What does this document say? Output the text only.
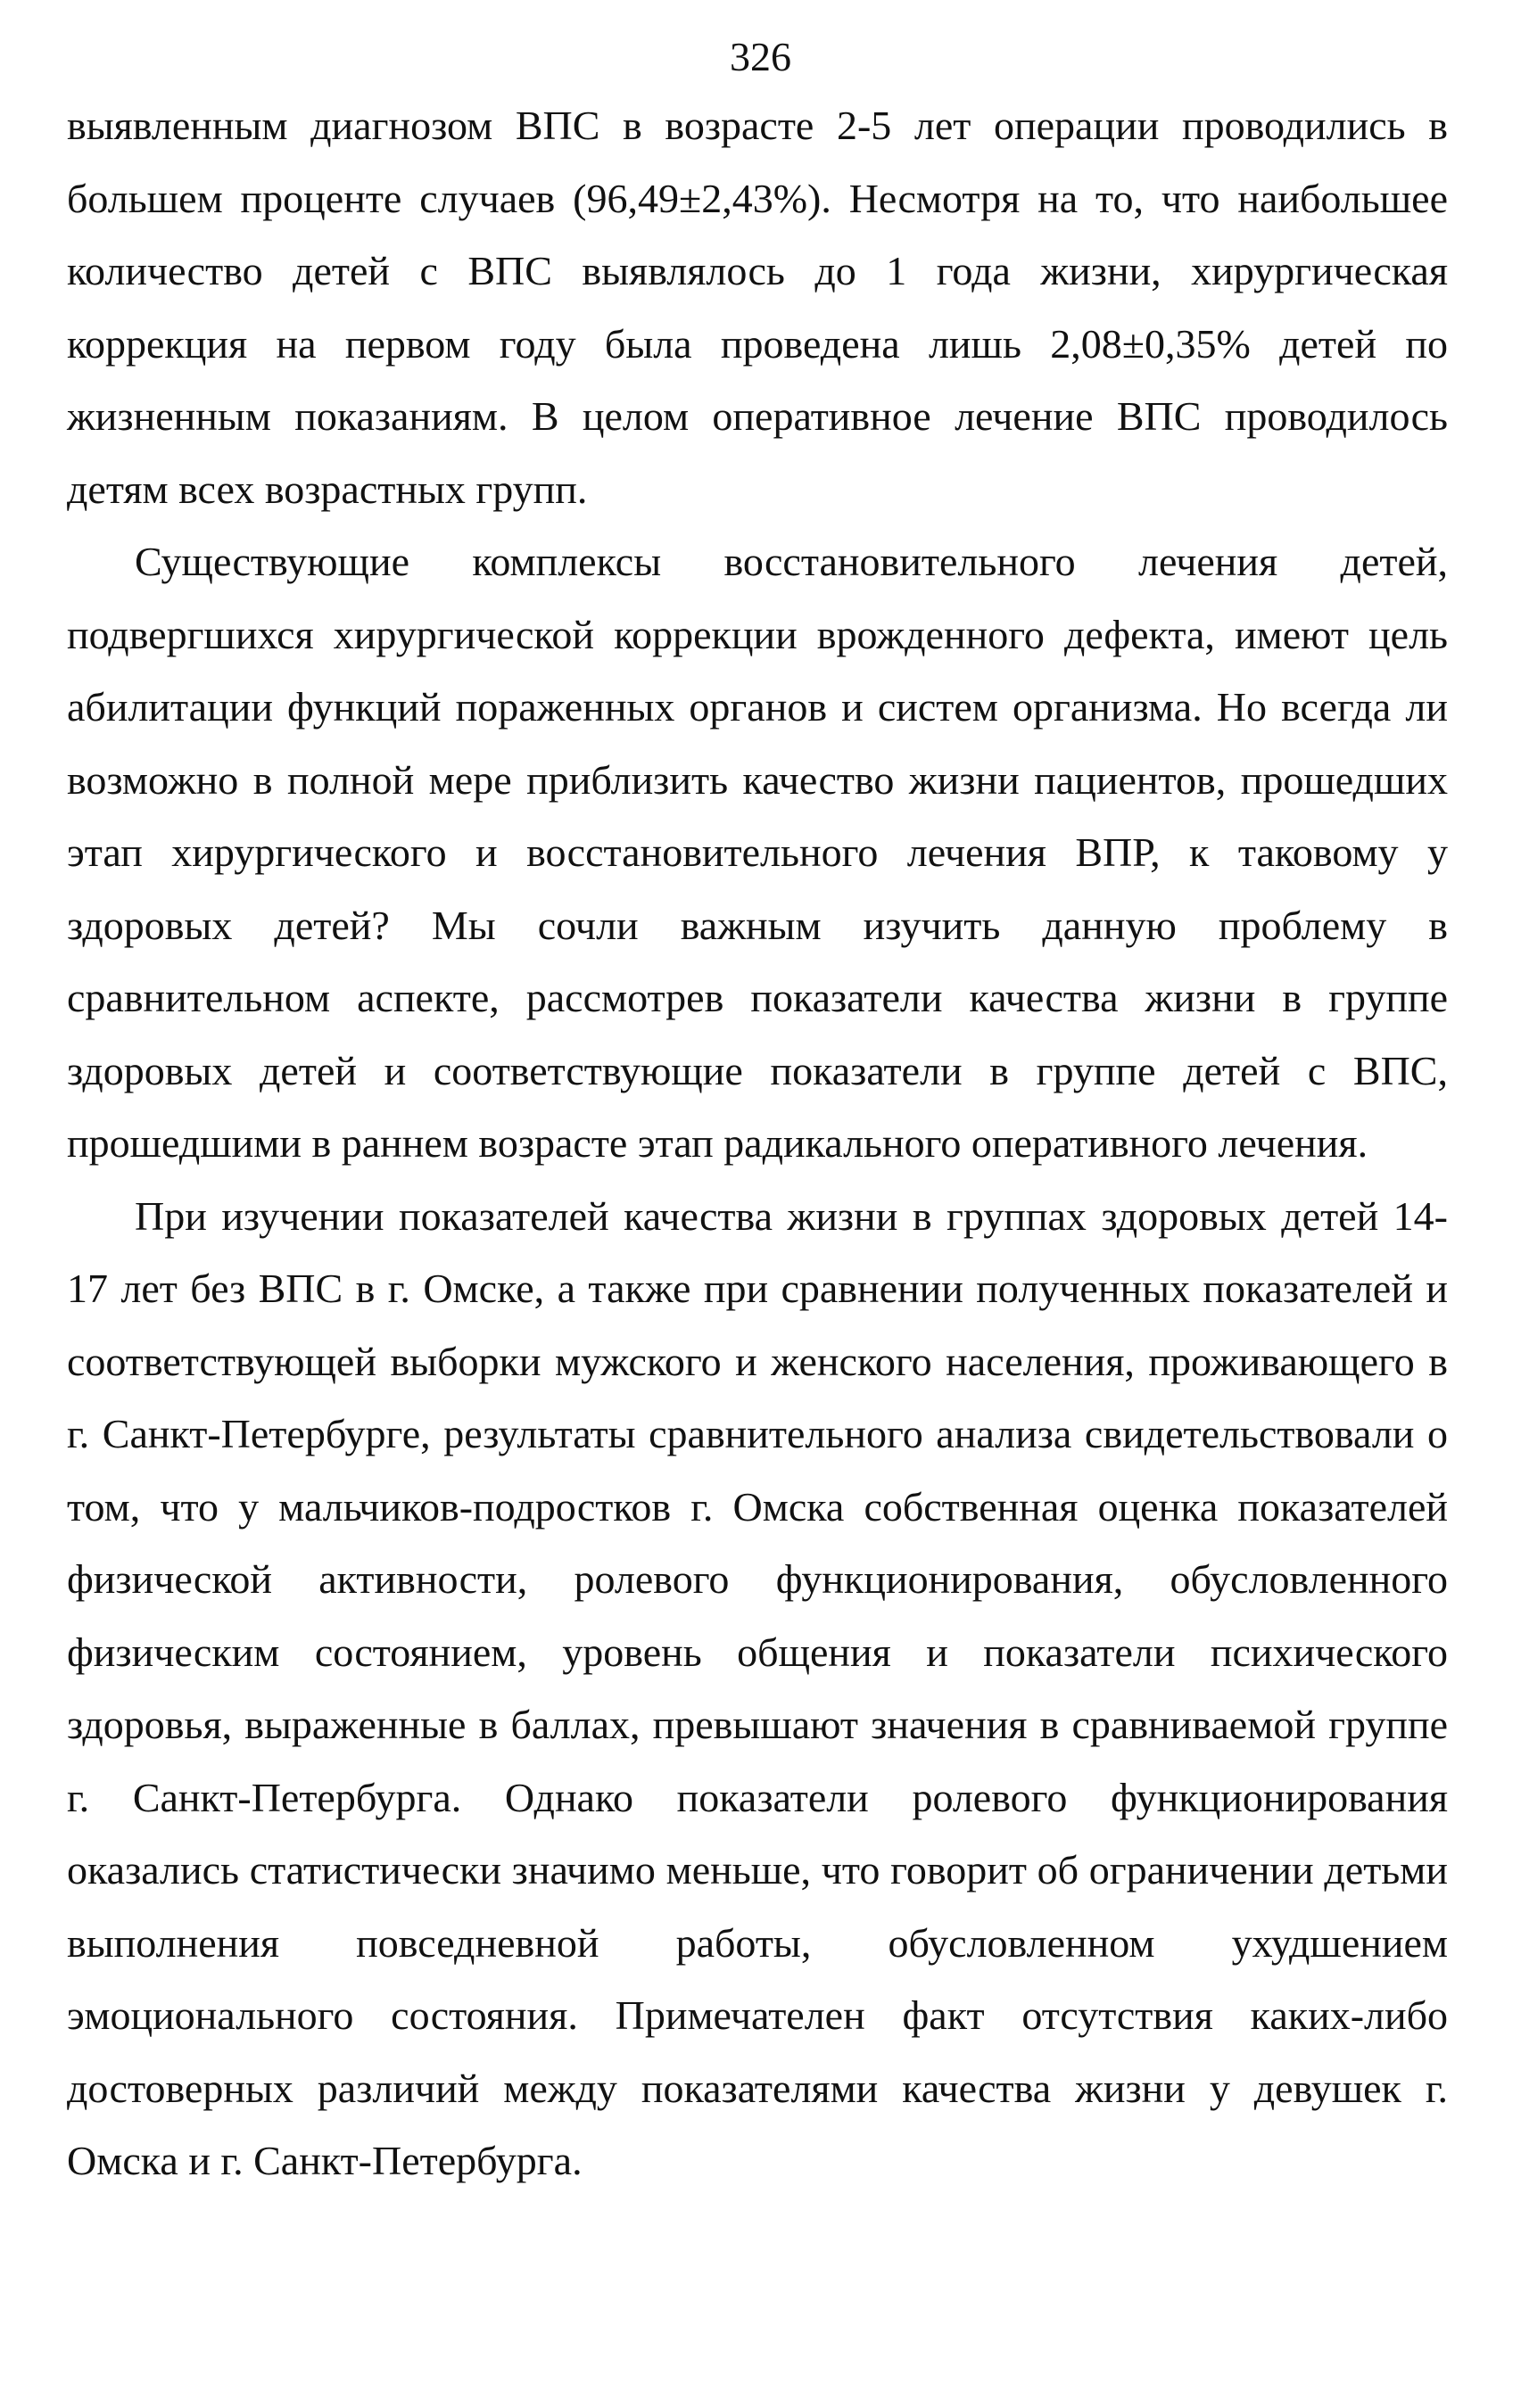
326

выявленным диагнозом ВПС в возрасте 2-5 лет операции проводились в большем проценте случаев (96,49±2,43%). Несмотря на то, что наибольшее количество детей с ВПС выявлялось до 1 года жизни, хирургическая коррекция на первом году была проведена лишь 2,08±0,35% детей по жизненным показаниям. В целом оперативное лечение ВПС проводилось детям всех возрастных групп.

Существующие комплексы восстановительного лечения детей, подвергшихся хирургической коррекции врожденного дефекта, имеют цель абилитации функций пораженных органов и систем организма. Но всегда ли возможно в полной мере приблизить качество жизни пациентов, прошедших этап хирургического и восстановительного лечения ВПР, к таковому у здоровых детей? Мы сочли важным изучить данную проблему в сравнительном аспекте, рассмотрев показатели качества жизни в группе здоровых детей и соответствующие показатели в группе детей с ВПС, прошедшими в раннем возрасте этап радикального оперативного лечения.

При изучении показателей качества жизни в группах здоровых детей 14-17 лет без ВПС в г. Омске, а также при сравнении полученных показателей и соответствующей выборки мужского и женского населения, проживающего в г. Санкт-Петербурге, результаты сравнительного анализа свидетельствовали о том, что у мальчиков-подростков г. Омска собственная оценка показателей физической активности, ролевого функционирования, обусловленного физическим состоянием, уровень общения и показатели психического здоровья, выраженные в баллах, превышают значения в сравниваемой группе г. Санкт-Петербурга. Однако показатели ролевого функционирования оказались статистически значимо меньше, что говорит об ограничении детьми выполнения повседневной работы, обусловленном ухудшением эмоционального состояния. Примечателен факт отсутствия каких-либо достоверных различий между показателями качества жизни у девушек г. Омска и г. Санкт-Петербурга.
